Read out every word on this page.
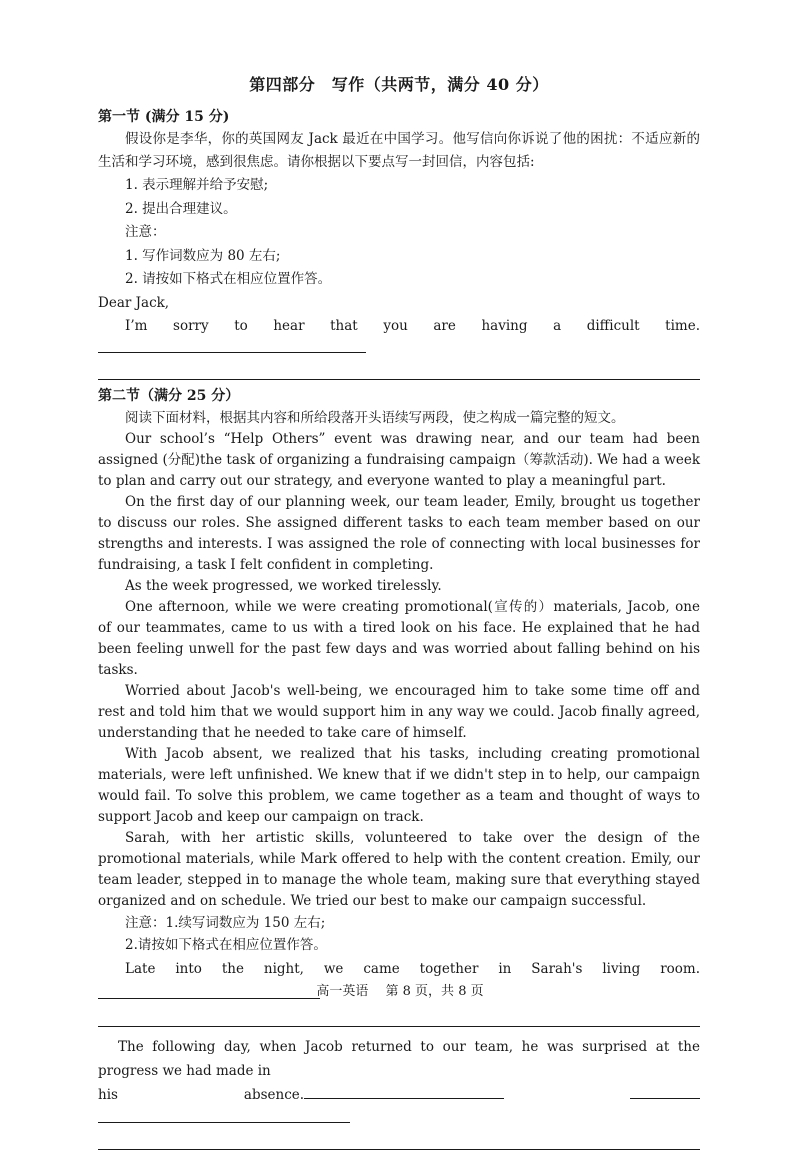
第四部分　写作（共两节，满分 40 分）

第一节 (满分 15 分)

假设你是李华，你的英国网友 Jack 最近在中国学习。他写信向你诉说了他的困扰：不适应新的生活和学习环境，感到很焦虑。请你根据以下要点写一封回信，内容包括:

1. 表示理解并给予安慰;

2. 提出合理建议。

注意：

1. 写作词数应为 80 左右;

2. 请按如下格式在相应位置作答。

Dear Jack,

I’m sorry to hear that you are having a difficult time.

第二节（满分 25 分）

阅读下面材料，根据其内容和所给段落开头语续写两段，使之构成一篇完整的短文。

Our school’s “Help Others” event was drawing near, and our team had been assigned (分配)the task of organizing a fundraising campaign（筹款活动). We had a week to plan and carry out our strategy, and everyone wanted to play a meaningful part.

On the first day of our planning week, our team leader, Emily, brought us together to discuss our roles. She assigned different tasks to each team member based on our strengths and interests. I was assigned the role of connecting with local businesses for fundraising, a task I felt confident in completing.

As the week progressed, we worked tirelessly.

One afternoon, while we were creating promotional(宣传的）materials, Jacob, one of our teammates, came to us with a tired look on his face. He explained that he had been feeling unwell for the past few days and was worried about falling behind on his tasks.

Worried about Jacob's well-being, we encouraged him to take some time off and rest and told him that we would support him in any way we could. Jacob finally agreed, understanding that he needed to take care of himself.

With Jacob absent, we realized that his tasks, including creating promotional materials, were left unfinished. We knew that if we didn't step in to help, our campaign would fail. To solve this problem, we came together as a team and thought of ways to support Jacob and keep our campaign on track.

Sarah, with her artistic skills, volunteered to take over the design of the promotional materials, while Mark offered to help with the content creation. Emily, our team leader, stepped in to manage the whole team, making sure that everything stayed organized and on schedule. We tried our best to make our campaign successful.

注意：1.续写词数应为 150 左右;

2.请按如下格式在相应位置作答。

Late into the night, we came together in Sarah's living room.

The following day, when Jacob returned to our team, he was surprised at the progress we had made in

his absence.

高一英语　 第 8 页，共 8 页
